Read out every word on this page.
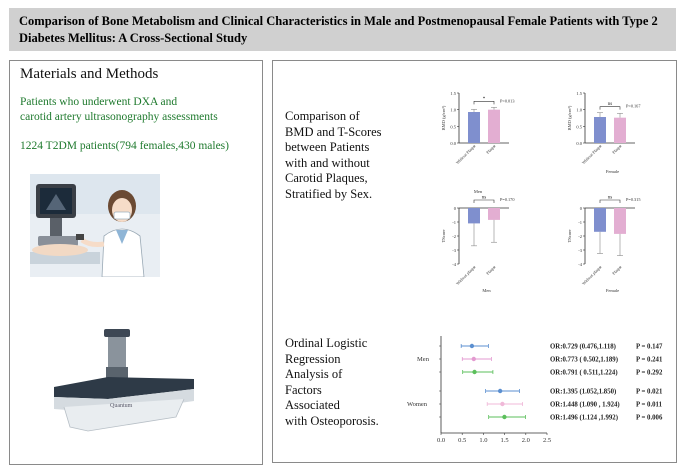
Comparison of Bone Metabolism and Clinical Characteristics in Male and Postmenopausal Female Patients with Type 2 Diabetes Mellitus: A Cross-Sectional Study
Materials and Methods
Patients who underwent DXA and
carotid artery ultrasonography assessments
1224 T2DM patients(794 females,430 males)
Quantum
Comparison of
BMD and T-Scores
between Patients
with and without
Carotid Plaques,
Stratified by Sex.
Ordinal Logistic
Regression
Analysis of
Factors
Associated
with Osteoporosis.
0.0
0.5
1.0
1.5
BMD (g/cm²)
Without Plaque Plaque
*	P=0.013
0.0
0.5
1.0
1.5
BMD (g/cm²)
Without Plaque Plaque
ns	P=0.167
Female
0
-1
-2
-3
-4
TScore
Without plaque Plaque
ns	P=0.170
Men
Men
0
-1
-2
-3
-4
TScore
Without plaque Plaque
ns	P=0.315
Female
0.0 0.5 1.0 1.5 2.0 2.5
Men
Women
OR:0.729 (0.476,1.118)	P = 0.147
OR:0.773 ( 0.502,1.189)	P = 0.241
OR:0.791 ( 0.511,1.224)	P = 0.292
OR:1.395 (1.052,1.850)	P = 0.021
OR:1.448 (1.090 , 1.924) P = 0.011
OR:1.496 (1.124 ,1.992)	P = 0.006
